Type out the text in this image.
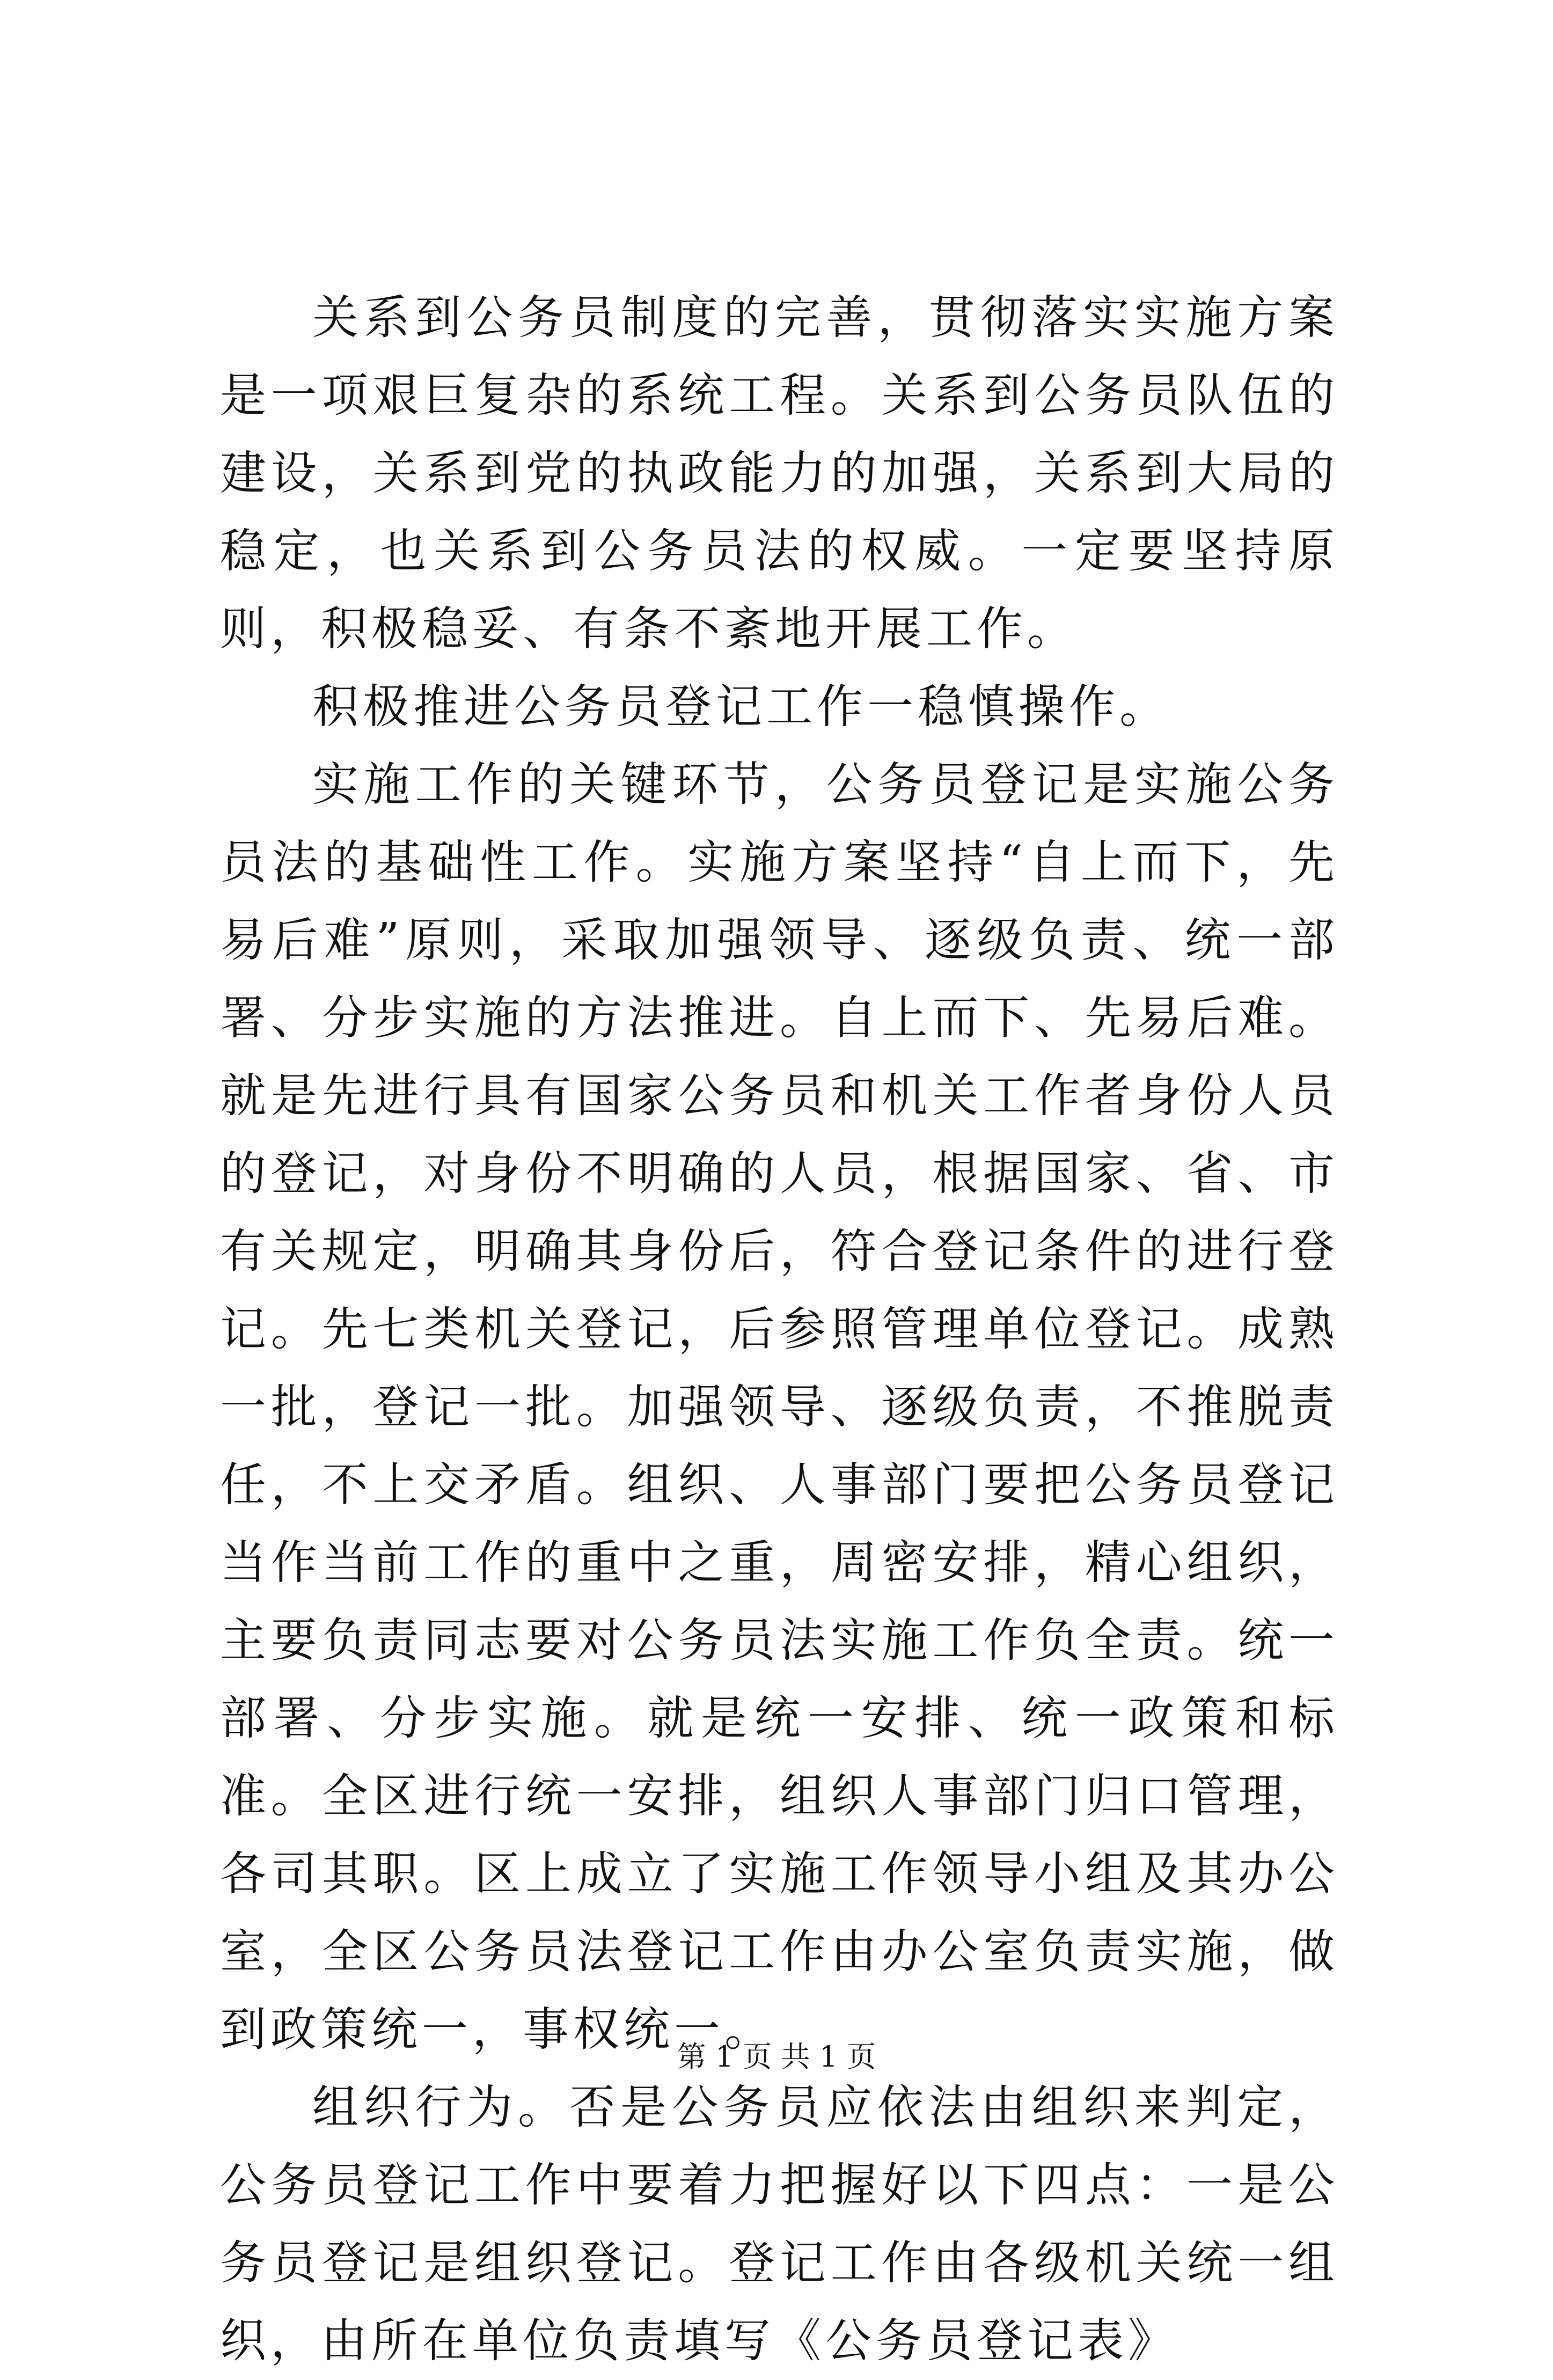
关系到公务员制度的完善，贯彻落实实施方案是一项艰巨复杂的系统工程。关系到公务员队伍的建设，关系到党的执政能力的加强，关系到大局的稳定，也关系到公务员法的权威。一定要坚持原则，积极稳妥、有条不紊地开展工作。

积极推进公务员登记工作一稳慎操作。

实施工作的关键环节，公务员登记是实施公务员法的基础性工作。实施方案坚持“自上而下，先易后难”原则，采取加强领导、逐级负责、统一部署、分步实施的方法推进。自上而下、先易后难。就是先进行具有国家公务员和机关工作者身份人员的登记，对身份不明确的人员，根据国家、省、市有关规定，明确其身份后，符合登记条件的进行登记。先七类机关登记，后参照管理单位登记。成熟一批，登记一批。加强领导、逐级负责，不推脱责任，不上交矛盾。组织、人事部门要把公务员登记当作当前工作的重中之重，周密安排，精心组织，主要负责同志要对公务员法实施工作负全责。统一部署、分步实施。就是统一安排、统一政策和标准。全区进行统一安排，组织人事部门归口管理，各司其职。区上成立了实施工作领导小组及其办公室，全区公务员法登记工作由办公室负责实施，做到政策统一，事权统一。

组织行为。否是公务员应依法由组织来判定，公务员登记工作中要着力把握好以下四点：一是公务员登记是组织登记。登记工作由各级机关统一组织，由所在单位负责填写《公务员登记表》

第 1 页 共 1 页
